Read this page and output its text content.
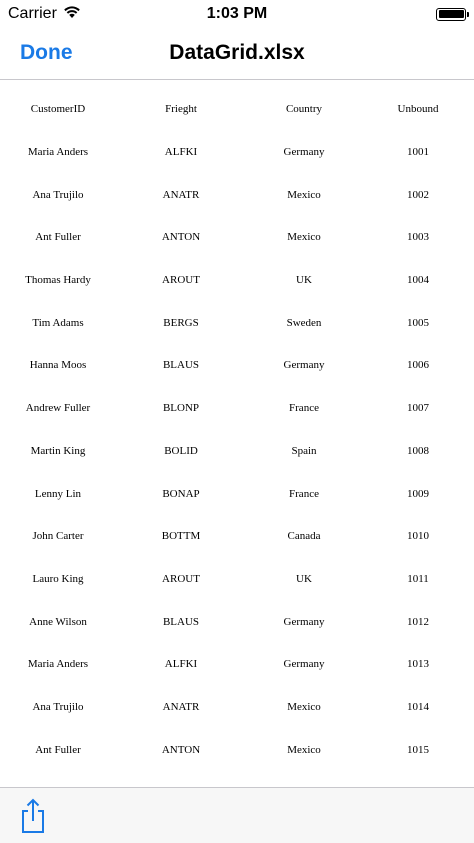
Carrier	1:03 PM
Done	DataGrid.xlsx
CustomerID	Frieght	Country	Unbound
Maria Anders	ALFKI	Germany	1001
Ana Trujilo	ANATR	Mexico	1002
Ant Fuller	ANTON	Mexico	1003
Thomas Hardy	AROUT	UK	1004
Tim Adams	BERGS	Sweden	1005
Hanna Moos	BLAUS	Germany	1006
Andrew Fuller	BLONP	France	1007
Martin King	BOLID	Spain	1008
Lenny Lin	BONAP	France	1009
John Carter	BOTTM	Canada	1010
Lauro King	AROUT	UK	1011
Anne Wilson	BLAUS	Germany	1012
Maria Anders	ALFKI	Germany	1013
Ana Trujilo	ANATR	Mexico	1014
Ant Fuller	ANTON	Mexico	1015
